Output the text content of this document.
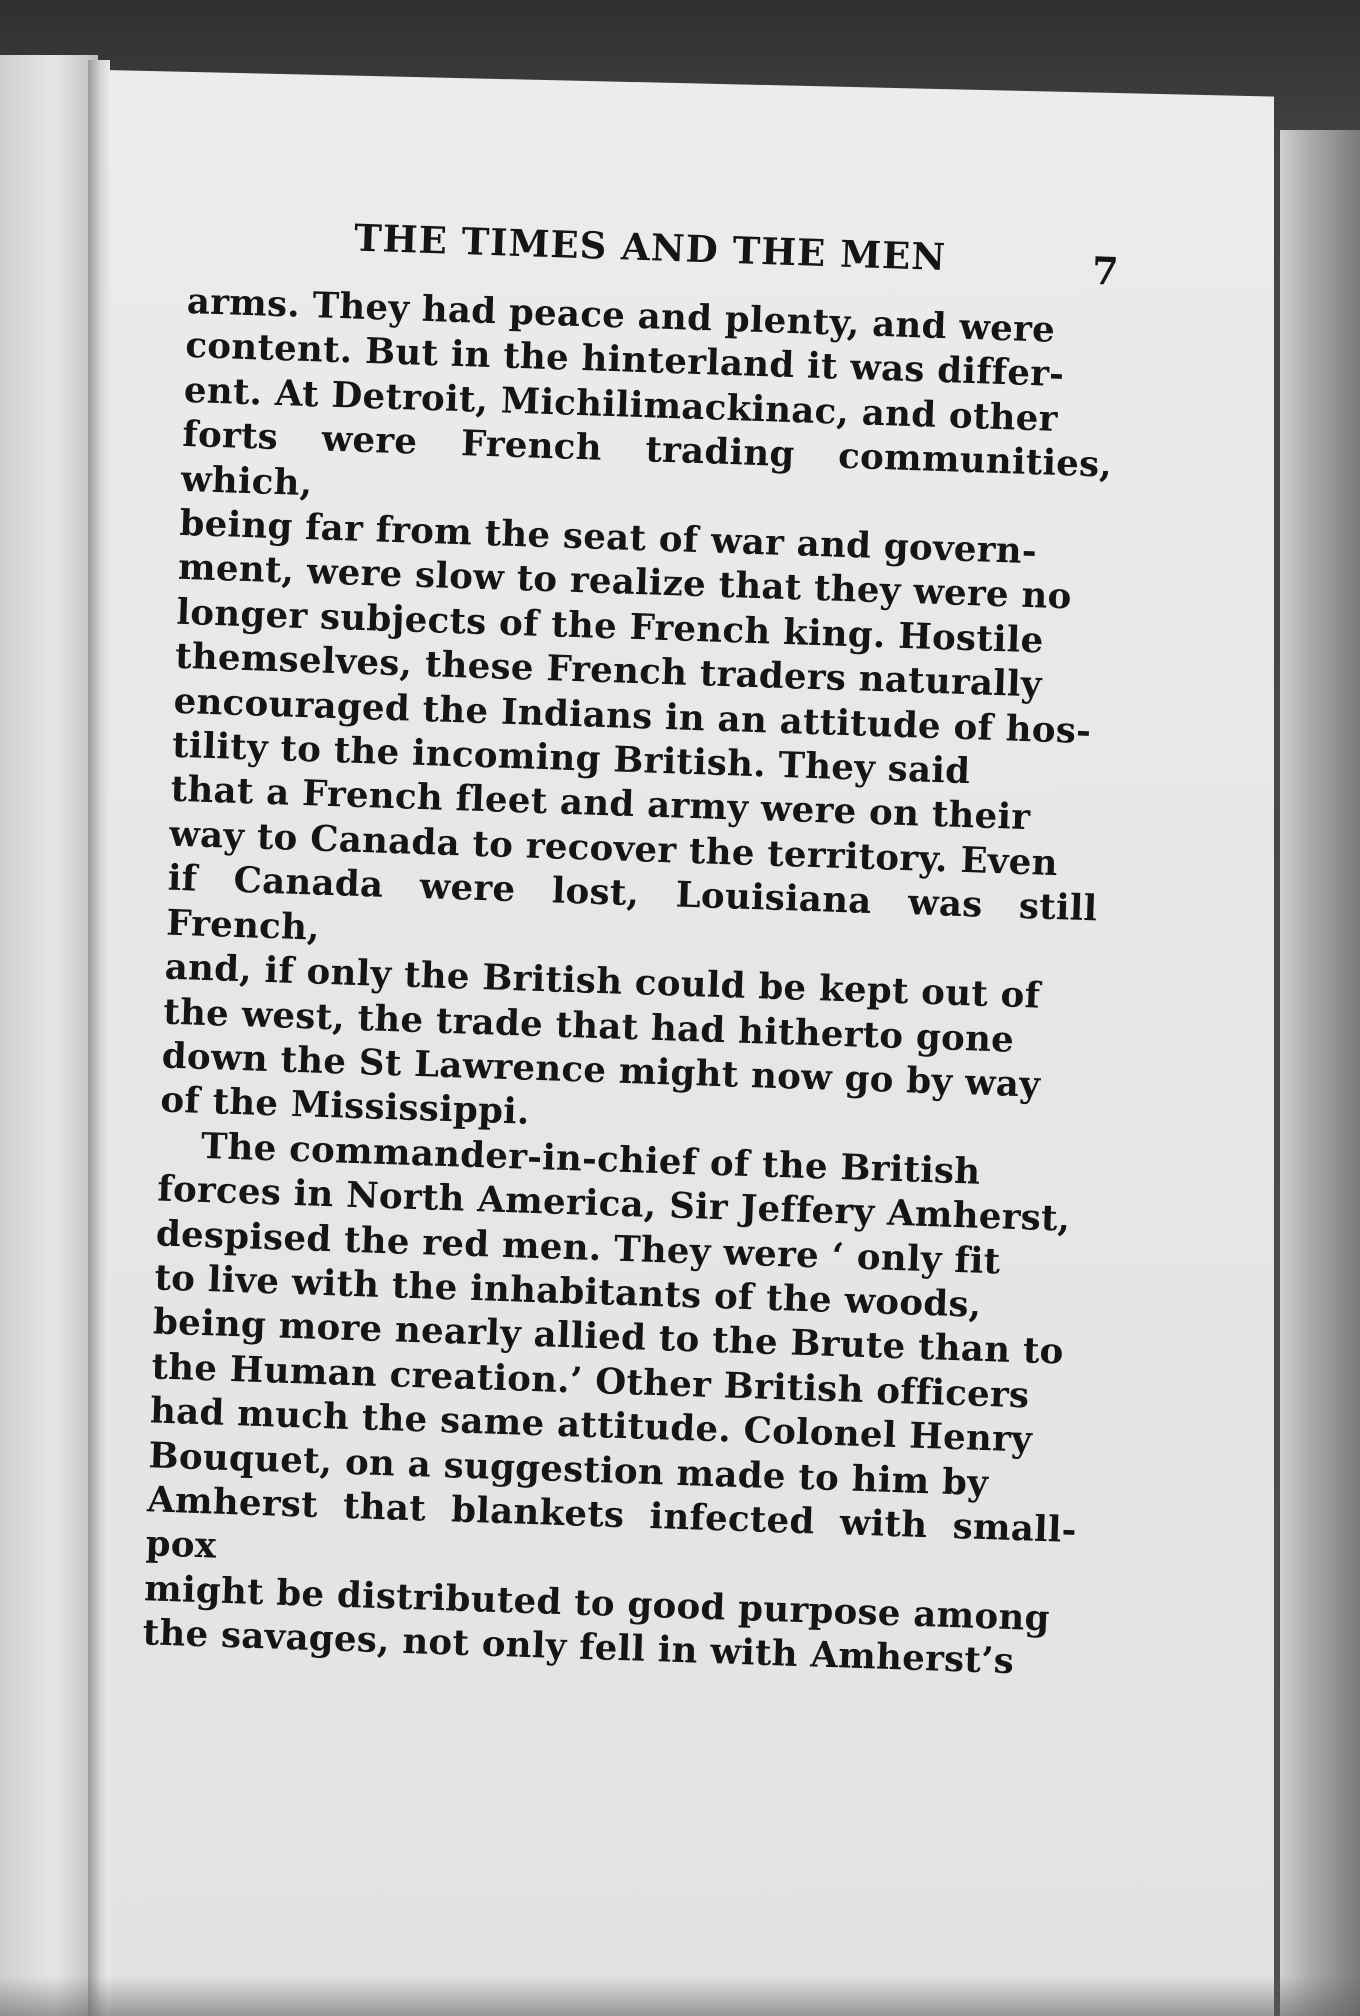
THE TIMES AND THE MEN	7

arms. They had peace and plenty, and were
content. But in the hinterland it was differ-
ent. At Detroit, Michilimackinac, and other
forts were French trading communities, which,
being far from the seat of war and govern-
ment, were slow to realize that they were no
longer subjects of the French king. Hostile
themselves, these French traders naturally
encouraged the Indians in an attitude of hos-
tility to the incoming British. They said
that a French fleet and army were on their
way to Canada to recover the territory. Even
if Canada were lost, Louisiana was still French,
and, if only the British could be kept out of
the west, the trade that had hitherto gone
down the St Lawrence might now go by way
of the Mississippi.

The commander-in-chief of the British
forces in North America, Sir Jeffery Amherst,
despised the red men. They were ‘ only fit
to live with the inhabitants of the woods,
being more nearly allied to the Brute than to
the Human creation.’ Other British officers
had much the same attitude. Colonel Henry
Bouquet, on a suggestion made to him by
Amherst that blankets infected with small-pox
might be distributed to good purpose among
the savages, not only fell in with Amherst’s
